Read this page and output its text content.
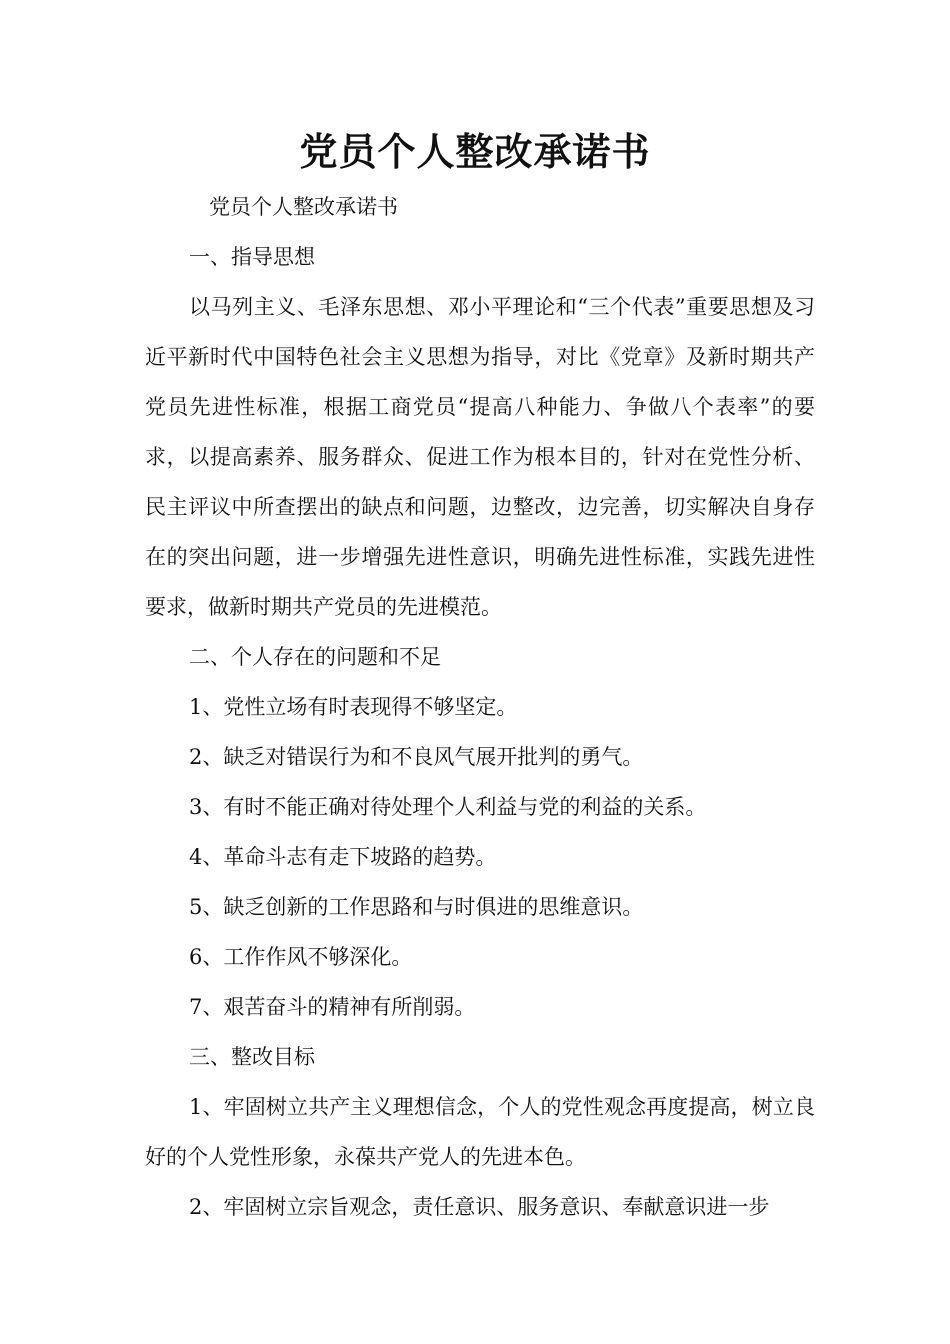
党员个人整改承诺书

党员个人整改承诺书

一、指导思想

以马列主义、毛泽东思想、邓小平理论和“三个代表”重要思想及习近平新时代中国特色社会主义思想为指导，对比《党章》及新时期共产党员先进性标准，根据工商党员“提高八种能力、争做八个表率”的要求，以提高素养、服务群众、促进工作为根本目的，针对在党性分析、民主评议中所查摆出的缺点和问题，边整改，边完善，切实解决自身存在的突出问题，进一步增强先进性意识，明确先进性标准，实践先进性要求，做新时期共产党员的先进模范。

二、个人存在的问题和不足

1、党性立场有时表现得不够坚定。

2、缺乏对错误行为和不良风气展开批判的勇气。

3、有时不能正确对待处理个人利益与党的利益的关系。

4、革命斗志有走下坡路的趋势。

5、缺乏创新的工作思路和与时俱进的思维意识。

6、工作作风不够深化。

7、艰苦奋斗的精神有所削弱。

三、整改目标

1、牢固树立共产主义理想信念，个人的党性观念再度提高，树立良好的个人党性形象，永葆共产党人的先进本色。

2、牢固树立宗旨观念，责任意识、服务意识、奉献意识进一步
